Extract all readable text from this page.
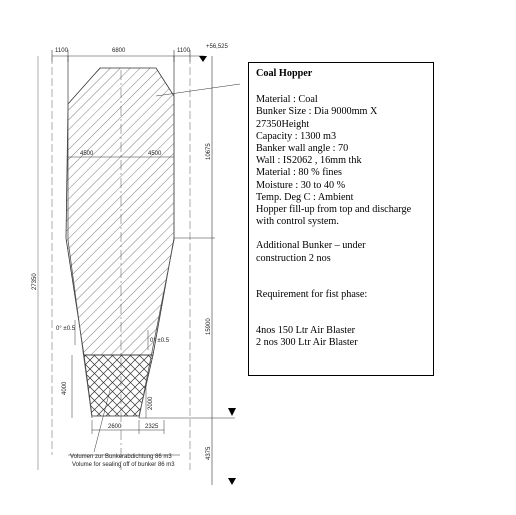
1100	6800	1100
+56,525
4500	4500	10675
15900
4375
27350
0° ±0.5
0° ±0.5
4000
2000
2600	2325
Volumen zur Bunkerabdichtung 86 m3
Volume for sealing off of bunker 86 m3

Coal Hopper

Material : Coal

Bunker Size : Dia 9000mm X

27350Height

Capacity : 1300 m3

Banker wall angle : 70

Wall : IS2062 , 16mm thk

Material : 80 % fines

Moisture : 30 to 40 %

Temp. Deg C : Ambient

Hopper fill-up from top and discharge

with control system.

Additional Bunker – under

construction 2 nos

Requirement for fist phase:

4nos 150 Ltr Air Blaster

2 nos 300 Ltr Air Blaster
